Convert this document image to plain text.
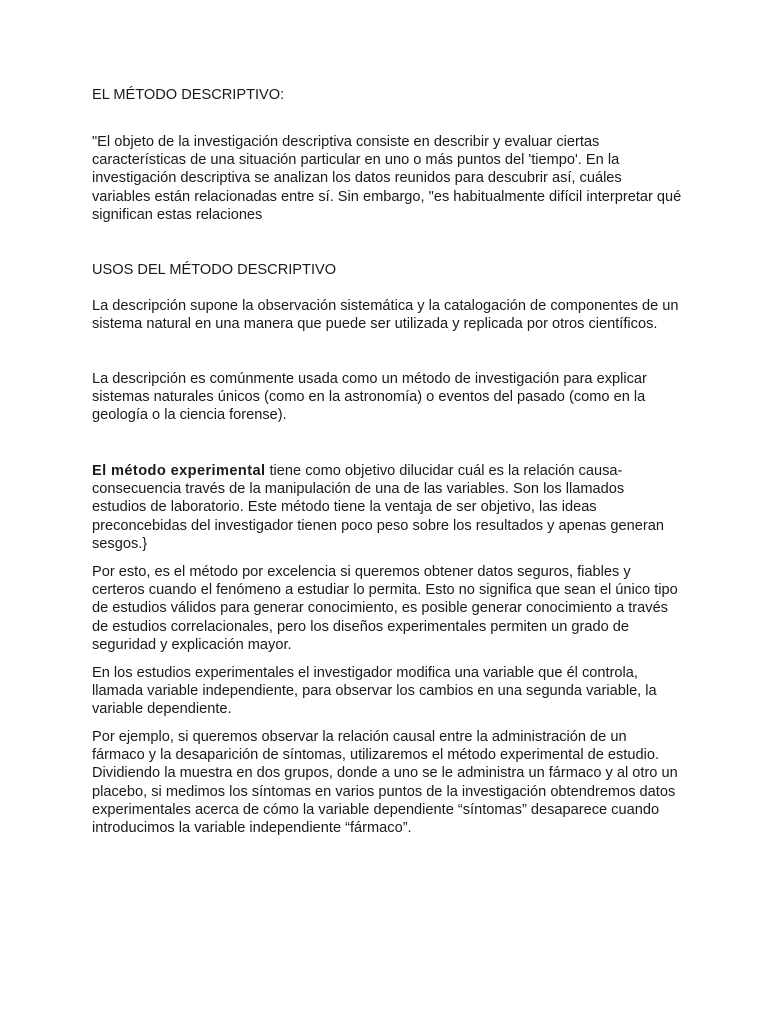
EL MÉTODO DESCRIPTIVO:

"El objeto de la investigación descriptiva consiste en describir y evaluar ciertas características de una situación particular en uno o más puntos del 'tiempo'. En la investigación descriptiva se analizan los datos reunidos para descubrir así, cuáles variables están relacionadas entre sí. Sin embargo, "es habitualmente difícil interpretar qué significan estas relaciones

USOS DEL MÉTODO DESCRIPTIVO

La descripción supone la observación sistemática y la catalogación de componentes de un sistema natural en una manera que puede ser utilizada y replicada por otros científicos.

La descripción es comúnmente usada como un método de investigación para explicar sistemas naturales únicos (como en la astronomía) o eventos del pasado (como en la geología o la ciencia forense).

El método experimental tiene como objetivo dilucidar cuál es la relación causa-consecuencia través de la manipulación de una de las variables. Son los llamados estudios de laboratorio. Este método tiene la ventaja de ser objetivo, las ideas preconcebidas del investigador tienen poco peso sobre los resultados y apenas generan sesgos.}

Por esto, es el método por excelencia si queremos obtener datos seguros, fiables y certeros cuando el fenómeno a estudiar lo permita. Esto no significa que sean el único tipo de estudios válidos para generar conocimiento, es posible generar conocimiento a través de estudios correlacionales, pero los diseños experimentales permiten un grado de seguridad y explicación mayor.

En los estudios experimentales el investigador modifica una variable que él controla, llamada variable independiente, para observar los cambios en una segunda variable, la variable dependiente.

Por ejemplo, si queremos observar la relación causal entre la administración de un fármaco y la desaparición de síntomas, utilizaremos el método experimental de estudio. Dividiendo la muestra en dos grupos, donde a uno se le administra un fármaco y al otro un placebo, si medimos los síntomas en varios puntos de la investigación obtendremos datos experimentales acerca de cómo la variable dependiente “síntomas” desaparece cuando introducimos la variable independiente “fármaco”.
